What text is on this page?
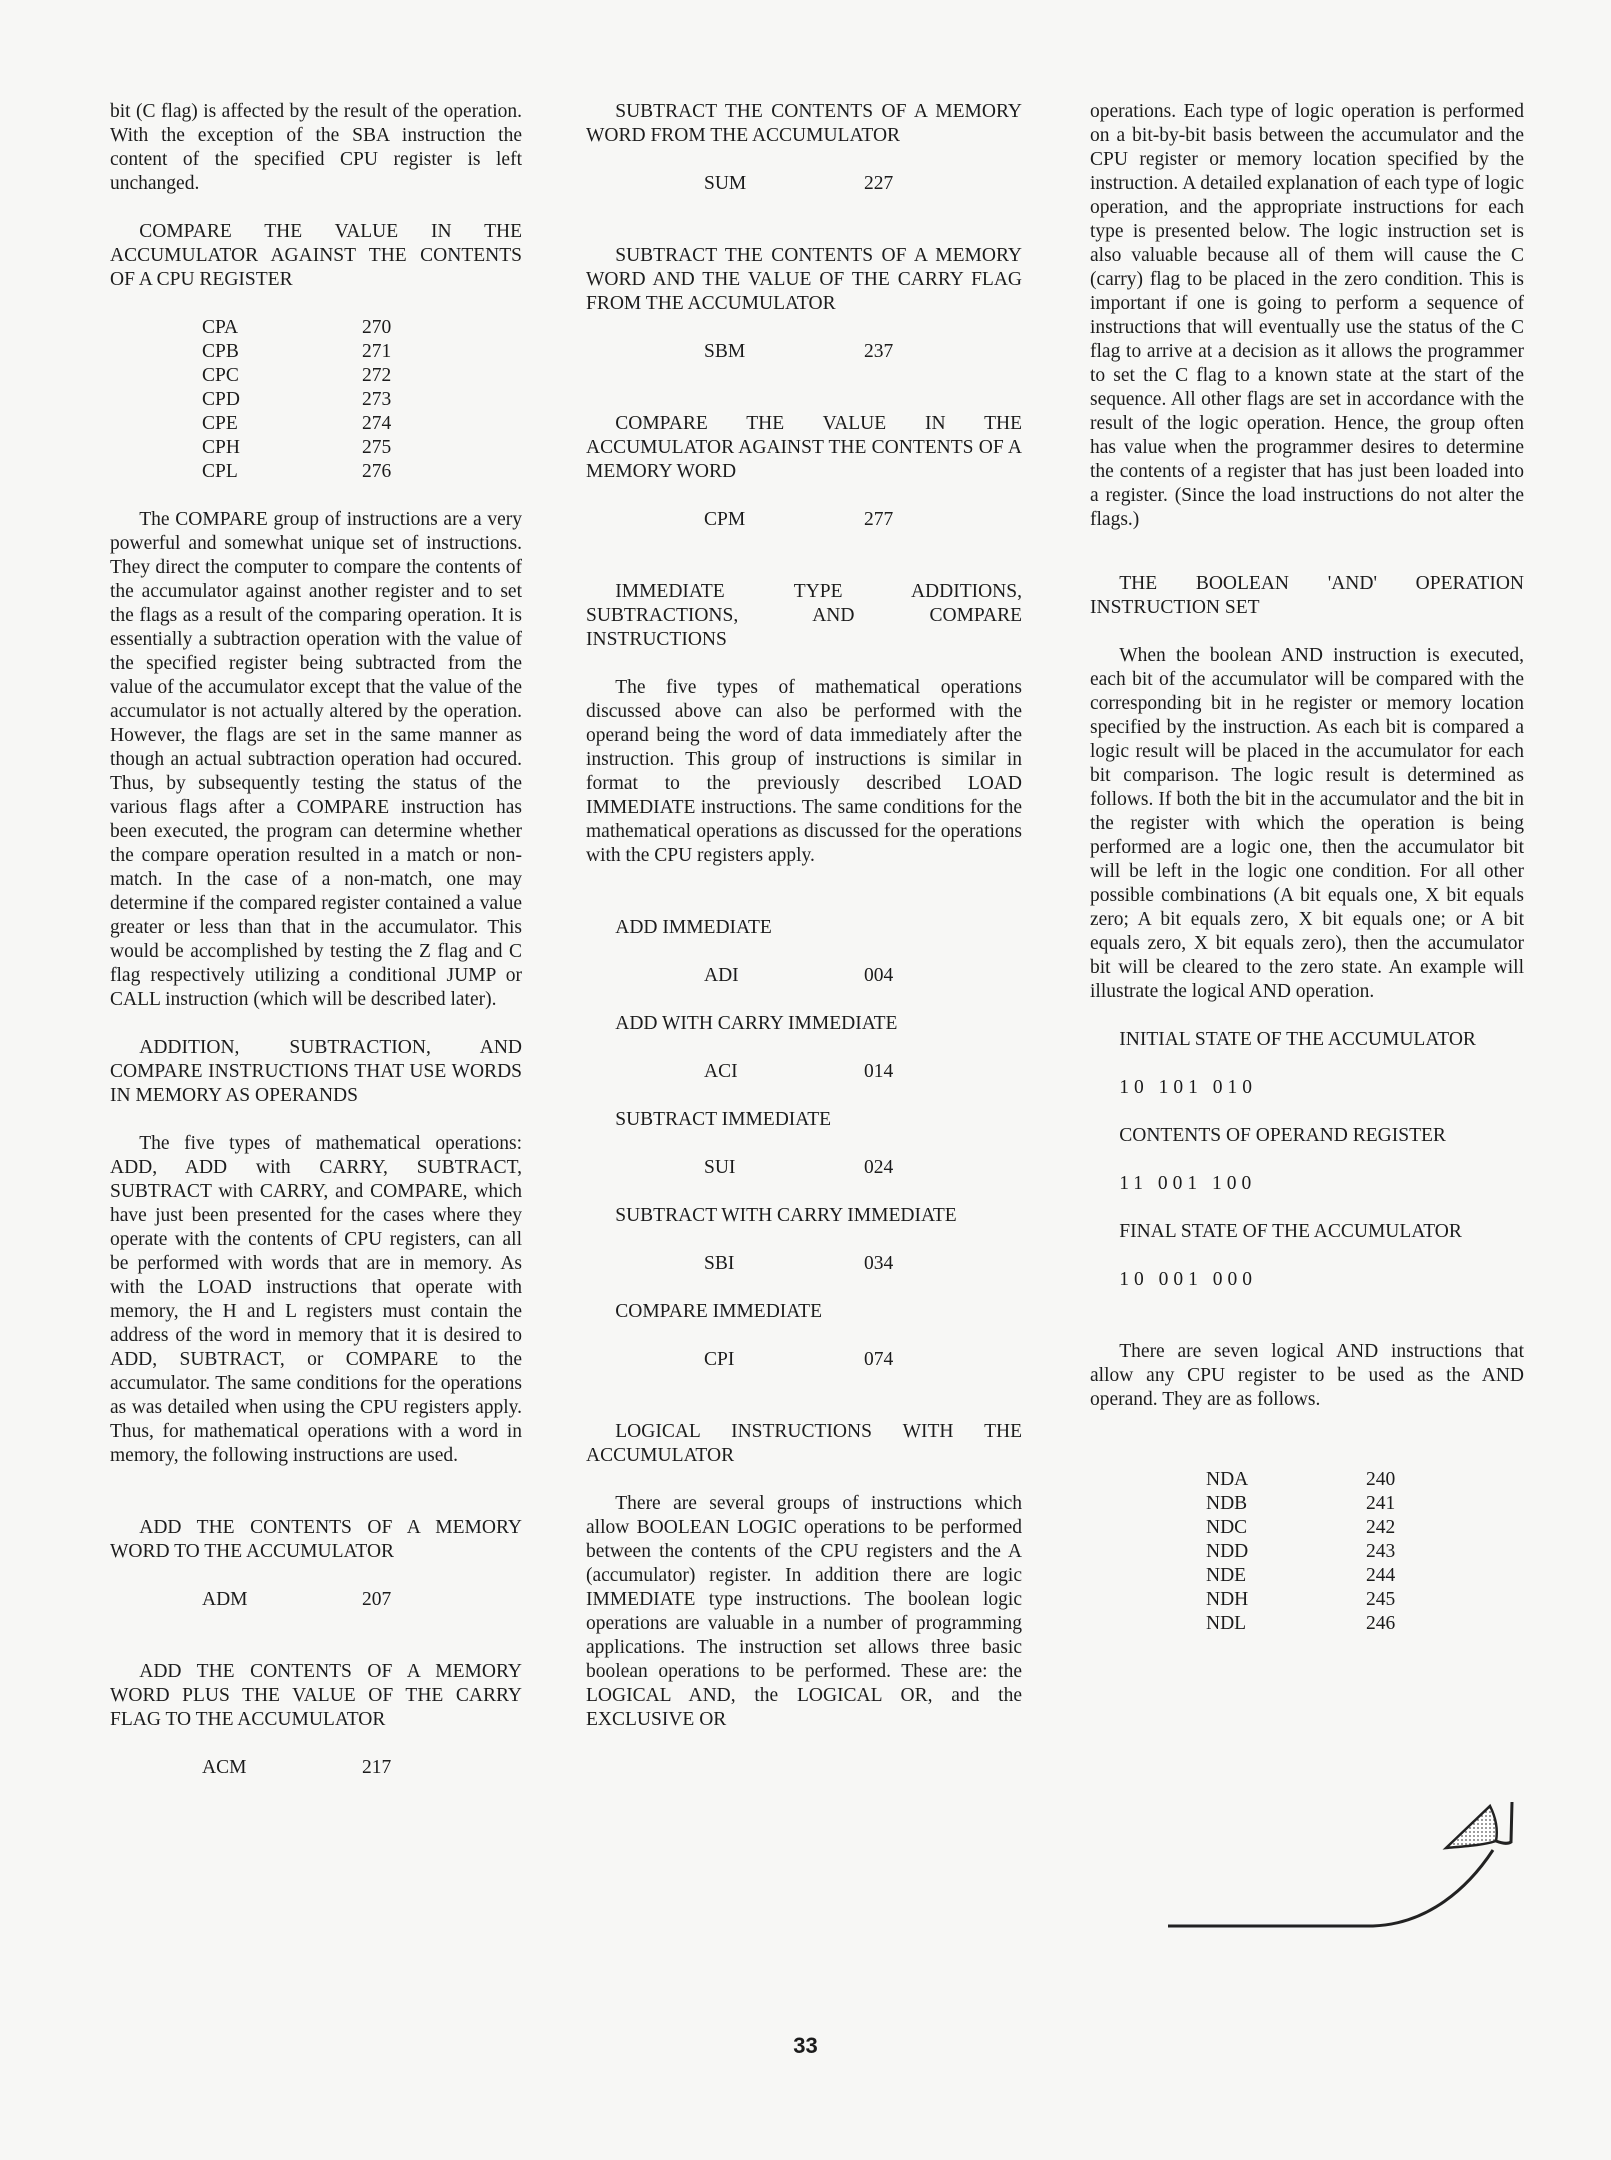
bit (C flag) is affected by the result of the operation. With the exception of the SBA instruction the content of the specified CPU register is left unchanged.

COMPARE THE VALUE IN THE ACCUMULATOR AGAINST THE CONTENTS OF A CPU REGISTER

CPA	270
CPB	271
CPC	272
CPD	273
CPE	274
CPH	275
CPL	276

The COMPARE group of instructions are a very powerful and somewhat unique set of instructions. They direct the computer to compare the contents of the accumulator against another register and to set the flags as a result of the comparing operation. It is essentially a subtraction operation with the value of the specified register being subtracted from the value of the accumulator except that the value of the accumulator is not actually altered by the operation. However, the flags are set in the same manner as though an actual subtraction operation had occured. Thus, by subsequently testing the status of the various flags after a COMPARE instruction has been executed, the program can determine whether the compare operation resulted in a match or non-match. In the case of a non-match, one may determine if the compared register contained a value greater or less than that in the accumulator. This would be accomplished by testing the Z flag and C flag respectively utilizing a conditional JUMP or CALL instruction (which will be described later).

ADDITION, SUBTRACTION, AND COMPARE INSTRUCTIONS THAT USE WORDS IN MEMORY AS OPERANDS

The five types of mathematical operations: ADD, ADD with CARRY, SUBTRACT, SUBTRACT with CARRY, and COMPARE, which have just been presented for the cases where they operate with the contents of CPU registers, can all be performed with words that are in memory. As with the LOAD instructions that operate with memory, the H and L registers must contain the address of the word in memory that it is desired to ADD, SUBTRACT, or COMPARE to the accumulator. The same conditions for the operations as was detailed when using the CPU registers apply. Thus, for mathematical operations with a word in memory, the following instructions are used.

ADD THE CONTENTS OF A MEMORY WORD TO THE ACCUMULATOR

ADM	207

ADD THE CONTENTS OF A MEMORY WORD PLUS THE VALUE OF THE CARRY FLAG TO THE ACCUMULATOR

ACM	217

SUBTRACT THE CONTENTS OF A MEMORY WORD FROM THE ACCUMULATOR

SUM	227

SUBTRACT THE CONTENTS OF A MEMORY WORD AND THE VALUE OF THE CARRY FLAG FROM THE ACCUMULATOR

SBM	237

COMPARE THE VALUE IN THE ACCUMULATOR AGAINST THE CONTENTS OF A MEMORY WORD

CPM	277

IMMEDIATE TYPE ADDITIONS, SUBTRACTIONS, AND COMPARE INSTRUCTIONS

The five types of mathematical operations discussed above can also be performed with the operand being the word of data immediately after the instruction. This group of instructions is similar in format to the previously described LOAD IMMEDIATE instructions. The same conditions for the mathematical operations as discussed for the operations with the CPU registers apply.

ADD IMMEDIATE

ADI	004

ADD WITH CARRY IMMEDIATE

ACI	014

SUBTRACT IMMEDIATE

SUI	024

SUBTRACT WITH CARRY IMMEDIATE

SBI	034

COMPARE IMMEDIATE

CPI	074

LOGICAL INSTRUCTIONS WITH THE ACCUMULATOR

There are several groups of instructions which allow BOOLEAN LOGIC operations to be performed between the contents of the CPU registers and the A (accumulator) register. In addition there are logic IMMEDIATE type instructions. The boolean logic operations are valuable in a number of programming applications. The instruction set allows three basic boolean operations to be performed. These are: the LOGICAL AND, the LOGICAL OR, and the EXCLUSIVE OR

operations. Each type of logic operation is performed on a bit-by-bit basis between the accumulator and the CPU register or memory location specified by the instruction. A detailed explanation of each type of logic operation, and the appropriate instructions for each type is presented below. The logic instruction set is also valuable because all of them will cause the C (carry) flag to be placed in the zero condition. This is important if one is going to perform a sequence of instructions that will eventually use the status of the C flag to arrive at a decision as it allows the programmer to set the C flag to a known state at the start of the sequence. All other flags are set in accordance with the result of the logic operation. Hence, the group often has value when the programmer desires to determine the contents of a register that has just been loaded into a register. (Since the load instructions do not alter the flags.)

THE BOOLEAN 'AND' OPERATION INSTRUCTION SET

When the boolean AND instruction is executed, each bit of the accumulator will be compared with the corresponding bit in he register or memory location specified by the instruction. As each bit is compared a logic result will be placed in the accumulator for each bit comparison. The logic result is determined as follows. If both the bit in the accumulator and the bit in the register with which the operation is being performed are a logic one, then the accumulator bit will be left in the logic one condition. For all other possible combinations (A bit equals one, X bit equals zero; A bit equals zero, X bit equals one; or A bit equals zero, X bit equals zero), then the accumulator bit will be cleared to the zero state. An example will illustrate the logical AND operation.

INITIAL STATE OF THE ACCUMULATOR

10 101 010

CONTENTS OF OPERAND REGISTER

11 001 100

FINAL STATE OF THE ACCUMULATOR

10 001 000

There are seven logical AND instructions that allow any CPU register to be used as the AND operand. They are as follows.

NDA	240
NDB	241
NDC	242
NDD	243
NDE	244
NDH	245
NDL	246
33
